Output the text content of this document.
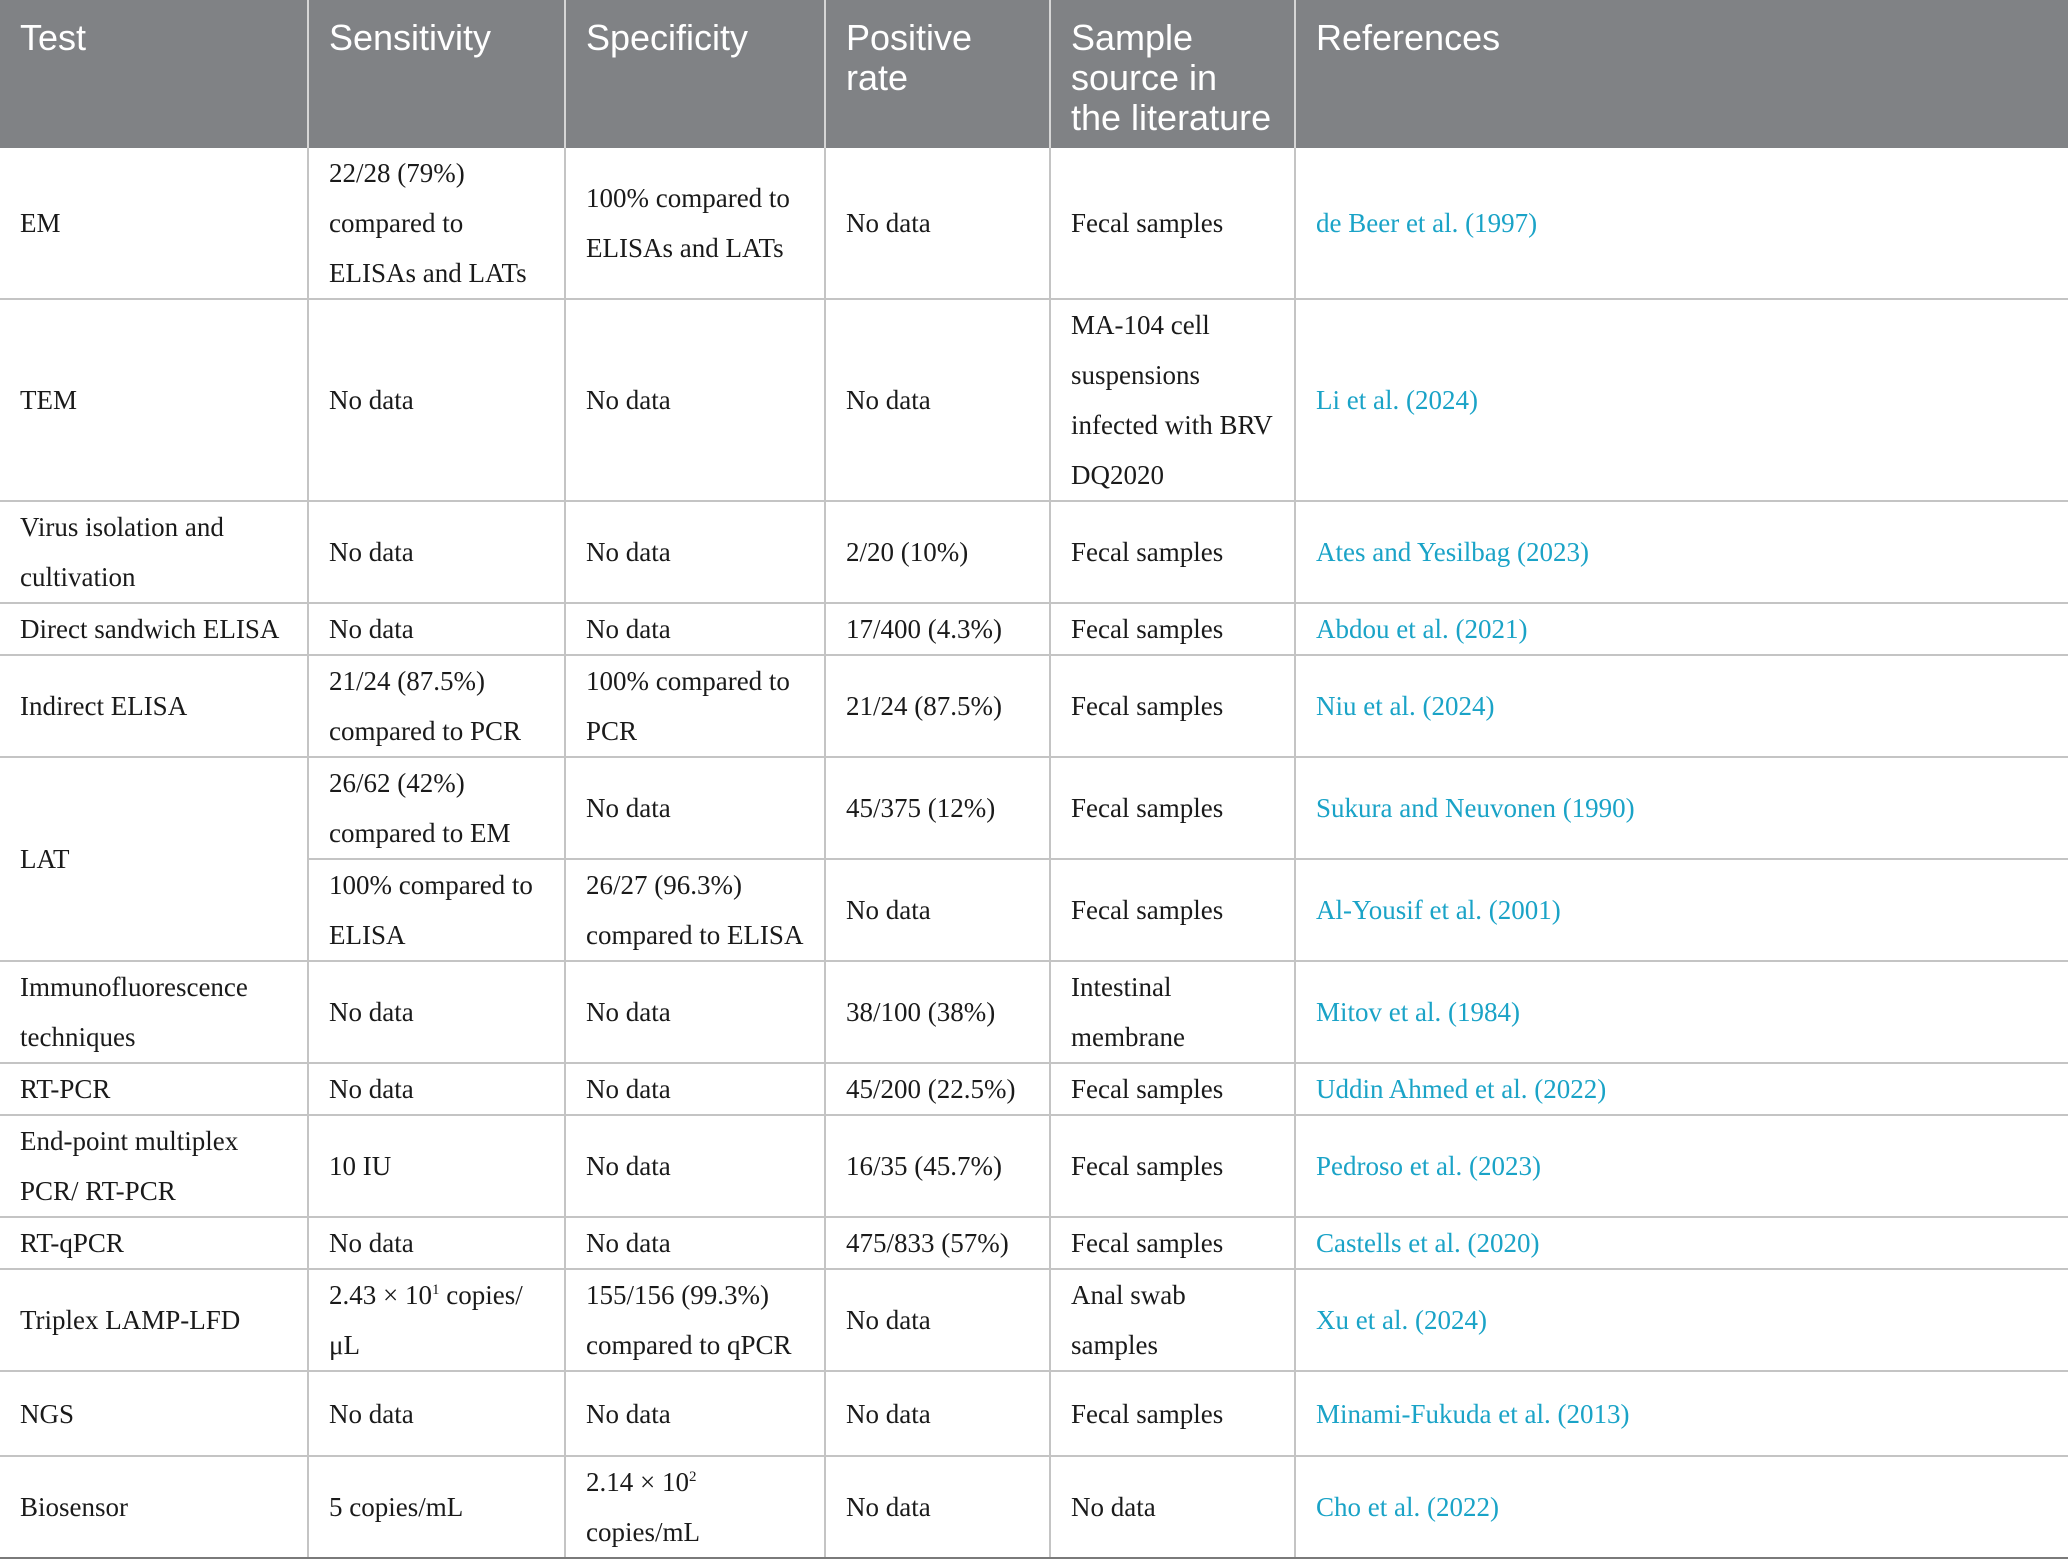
Test	Sensitivity	Specificity	Positive rate	Sample source in the literature	References
EM	22/28 (79%) compared to ELISAs and LATs	100% compared to ELISAs and LATs	No data	Fecal samples	de Beer et al. (1997)
TEM	No data	No data	No data	MA-104 cell suspensions infected with BRV DQ2020	Li et al. (2024)
Virus isolation and cultivation	No data	No data	2/20 (10%)	Fecal samples	Ates and Yesilbag (2023)
Direct sandwich ELISA	No data	No data	17/400 (4.3%)	Fecal samples	Abdou et al. (2021)
Indirect ELISA	21/24 (87.5%) compared to PCR	100% compared to PCR	21/24 (87.5%)	Fecal samples	Niu et al. (2024)
LAT	26/62 (42%) compared to EM	No data	45/375 (12%)	Fecal samples	Sukura and Neuvonen (1990)
	100% compared to ELISA	26/27 (96.3%) compared to ELISA	No data	Fecal samples	Al-Yousif et al. (2001)
Immunofluorescence techniques	No data	No data	38/100 (38%)	Intestinal membrane	Mitov et al. (1984)
RT-PCR	No data	No data	45/200 (22.5%)	Fecal samples	Uddin Ahmed et al. (2022)
End-point multiplex PCR/ RT-PCR	10 IU	No data	16/35 (45.7%)	Fecal samples	Pedroso et al. (2023)
RT-qPCR	No data	No data	475/833 (57%)	Fecal samples	Castells et al. (2020)
Triplex LAMP-LFD	$2.43 \times 10^1$ copies/μL	155/156 (99.3%) compared to qPCR	No data	Anal swab samples	Xu et al. (2024)
NGS	No data	No data	No data	Fecal samples	Minami-Fukuda et al. (2013)
Biosensor	5 copies/mL	$2.14 \times 10^2$ copies/mL	No data	No data	Cho et al. (2022)
